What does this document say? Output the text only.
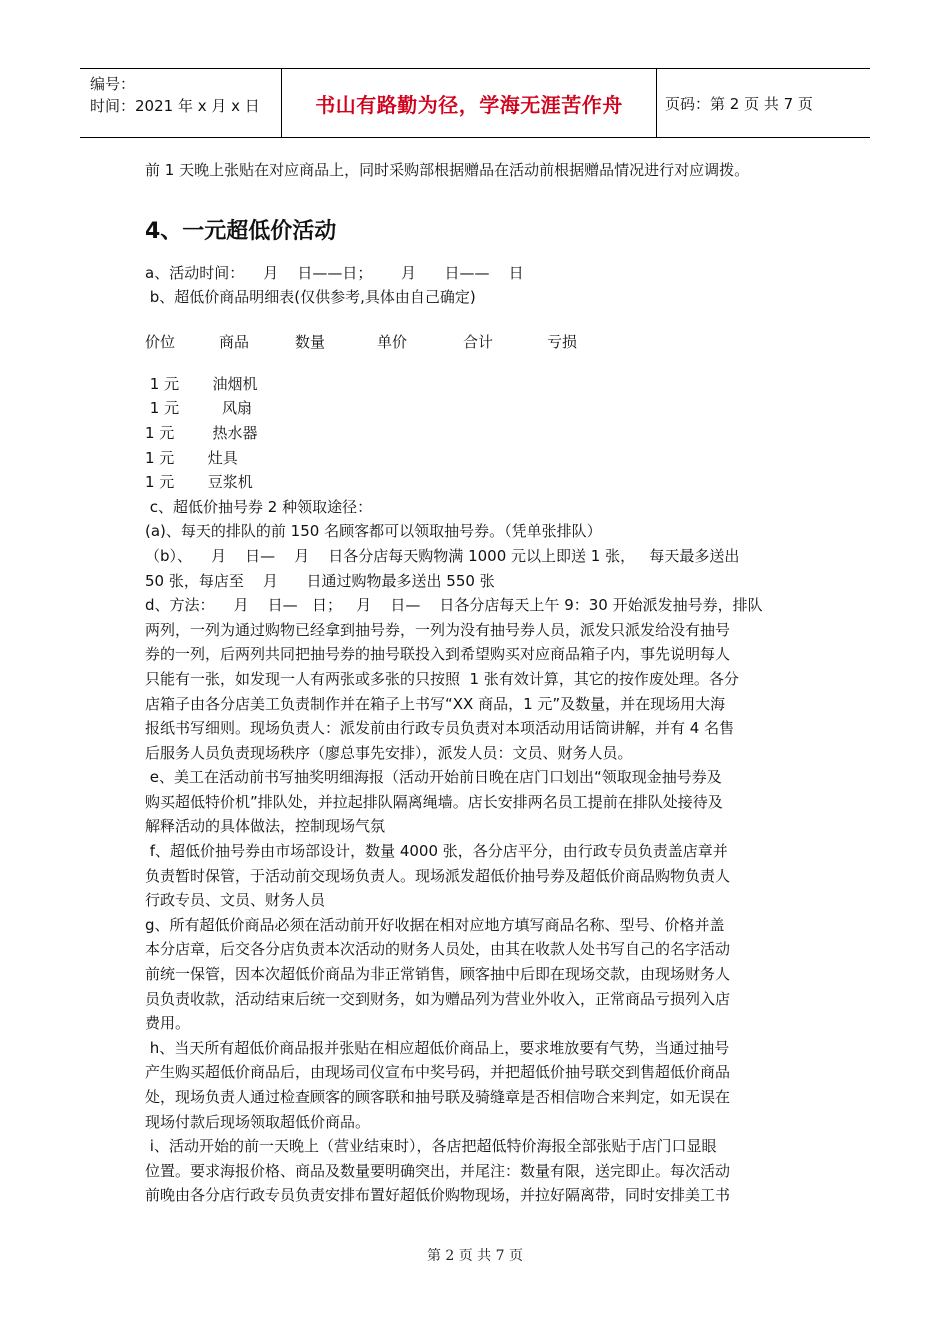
编号：
时间：2021 年 x 月 x 日	书山有路勤为径，学海无涯苦作舟	页码：第 2 页 共 7 页

前 1 天晚上张贴在对应商品上，同时采购部根据赠品在活动前根据赠品情况进行对应调拨。

4、一元超低价活动

a、活动时间：    月    日——日；      月      日——    日

b、超低价商品明细表(仅供参考,具体由自己确定)

价位	商品	数量	单价	合计	亏损

1 元       油烟机

1 元         风扇

1 元        热水器

1 元       灶具

1 元       豆浆机

c、超低价抽号券 2 种领取途径：

(a)、每天的排队的前 150 名顾客都可以领取抽号券。（凭单张排队）

（b）、    月    日—    月    日各分店每天购物满 1000 元以上即送 1 张，   每天最多送出

50 张，每店至    月      日通过购物最多送出 550 张

d、方法：    月    日—   日；   月    日—    日各分店每天上午 9：30 开始派发抽号券，排队

两列，一列为通过购物已经拿到抽号券，一列为没有抽号券人员，派发只派发给没有抽号

券的一列，后两列共同把抽号券的抽号联投入到希望购买对应商品箱子内，事先说明每人

只能有一张，如发现一人有两张或多张的只按照  1 张有效计算，其它的按作废处理。各分

店箱子由各分店美工负责制作并在箱子上书写“XX 商品，1 元”及数量，并在现场用大海

报纸书写细则。现场负责人：派发前由行政专员负责对本项活动用话筒讲解，并有 4 名售

后服务人员负责现场秩序（廖总事先安排），派发人员：文员、财务人员。

e、美工在活动前书写抽奖明细海报（活动开始前日晚在店门口划出“领取现金抽号券及

购买超低特价机”排队处，并拉起排队隔离绳墙。店长安排两名员工提前在排队处接待及

解释活动的具体做法，控制现场气氛

f、超低价抽号券由市场部设计，数量 4000 张，各分店平分，由行政专员负责盖店章并

负责暂时保管，于活动前交现场负责人。现场派发超低价抽号券及超低价商品购物负责人

行政专员、文员、财务人员

g、所有超低价商品必须在活动前开好收据在相对应地方填写商品名称、型号、价格并盖

本分店章，后交各分店负责本次活动的财务人员处，由其在收款人处书写自己的名字活动

前统一保管，因本次超低价商品为非正常销售，顾客抽中后即在现场交款，由现场财务人

员负责收款，活动结束后统一交到财务，如为赠品列为营业外收入，正常商品亏损列入店

费用。

h、当天所有超低价商品报并张贴在相应超低价商品上，要求堆放要有气势，当通过抽号

产生购买超低价商品后，由现场司仪宣布中奖号码，并把超低价抽号联交到售超低价商品

处，现场负责人通过检查顾客的顾客联和抽号联及骑缝章是否相信吻合来判定，如无误在

现场付款后现场领取超低价商品。

i、活动开始的前一天晚上（营业结束时），各店把超低特价海报全部张贴于店门口显眼

位置。要求海报价格、商品及数量要明确突出，并尾注：数量有限，送完即止。每次活动

前晚由各分店行政专员负责安排布置好超低价购物现场，并拉好隔离带，同时安排美工书

第 2 页 共 7 页
